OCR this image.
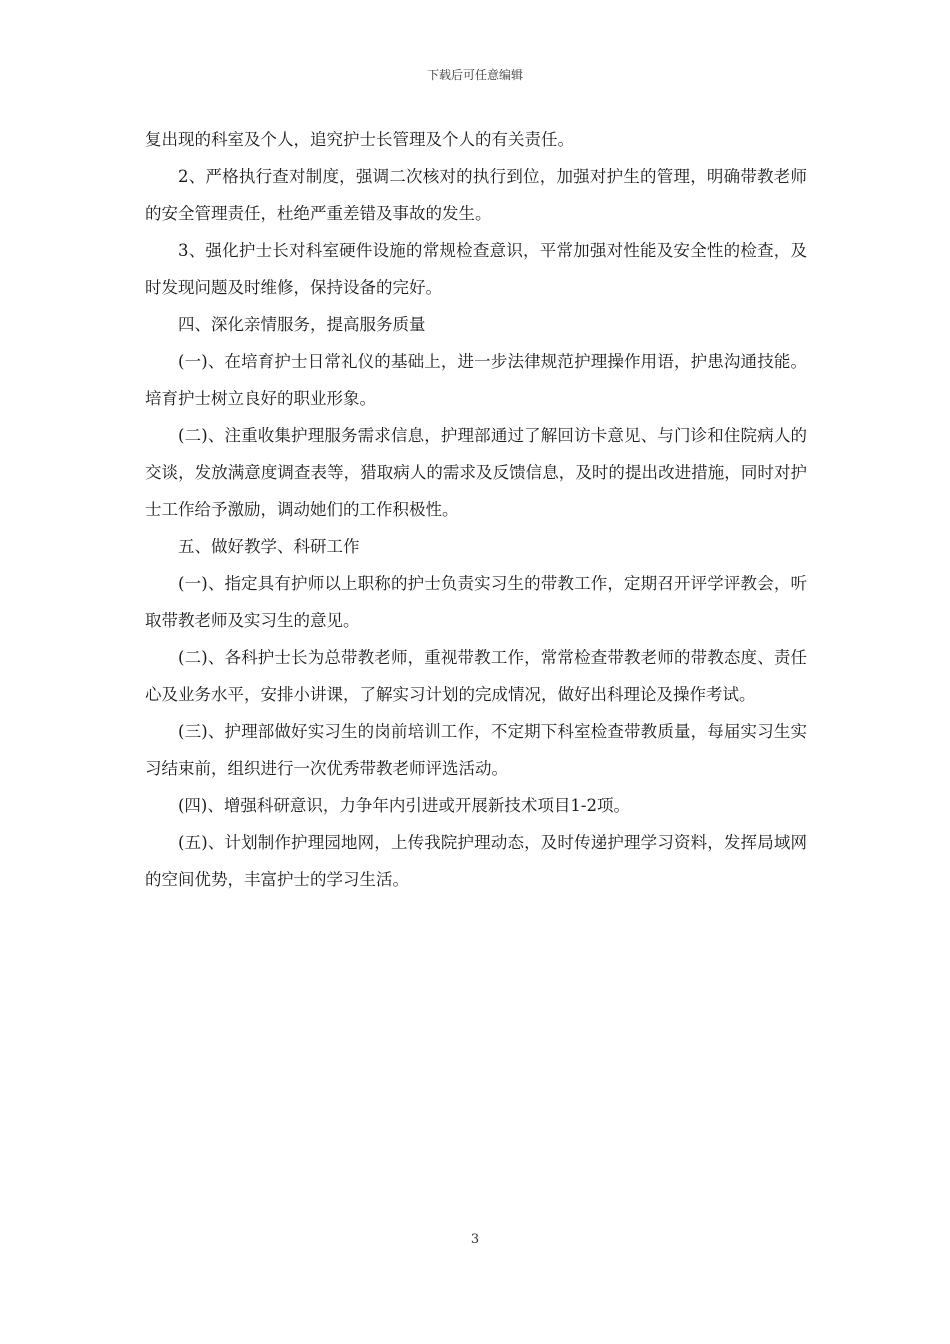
下载后可任意编辑

复出现的科室及个人，追究护士长管理及个人的有关责任。

2、严格执行查对制度，强调二次核对的执行到位，加强对护生的管理，明确带教老师的安全管理责任，杜绝严重差错及事故的发生。

3、强化护士长对科室硬件设施的常规检查意识，平常加强对性能及安全性的检查，及时发现问题及时维修，保持设备的完好。

四、深化亲情服务，提高服务质量

(一)、在培育护士日常礼仪的基础上，进一步法律规范护理操作用语，护患沟通技能。培育护士树立良好的职业形象。

(二)、注重收集护理服务需求信息，护理部通过了解回访卡意见、与门诊和住院病人的交谈，发放满意度调查表等，猎取病人的需求及反馈信息，及时的提出改进措施，同时对护士工作给予激励，调动她们的工作积极性。

五、做好教学、科研工作

(一)、指定具有护师以上职称的护士负责实习生的带教工作，定期召开评学评教会，听取带教老师及实习生的意见。

(二)、各科护士长为总带教老师，重视带教工作，常常检查带教老师的带教态度、责任心及业务水平，安排小讲课，了解实习计划的完成情况，做好出科理论及操作考试。

(三)、护理部做好实习生的岗前培训工作，不定期下科室检查带教质量，每届实习生实习结束前，组织进行一次优秀带教老师评选活动。

(四)、增强科研意识，力争年内引进或开展新技术项目1-2项。

(五)、计划制作护理园地网，上传我院护理动态，及时传递护理学习资料，发挥局域网的空间优势，丰富护士的学习生活。

3
